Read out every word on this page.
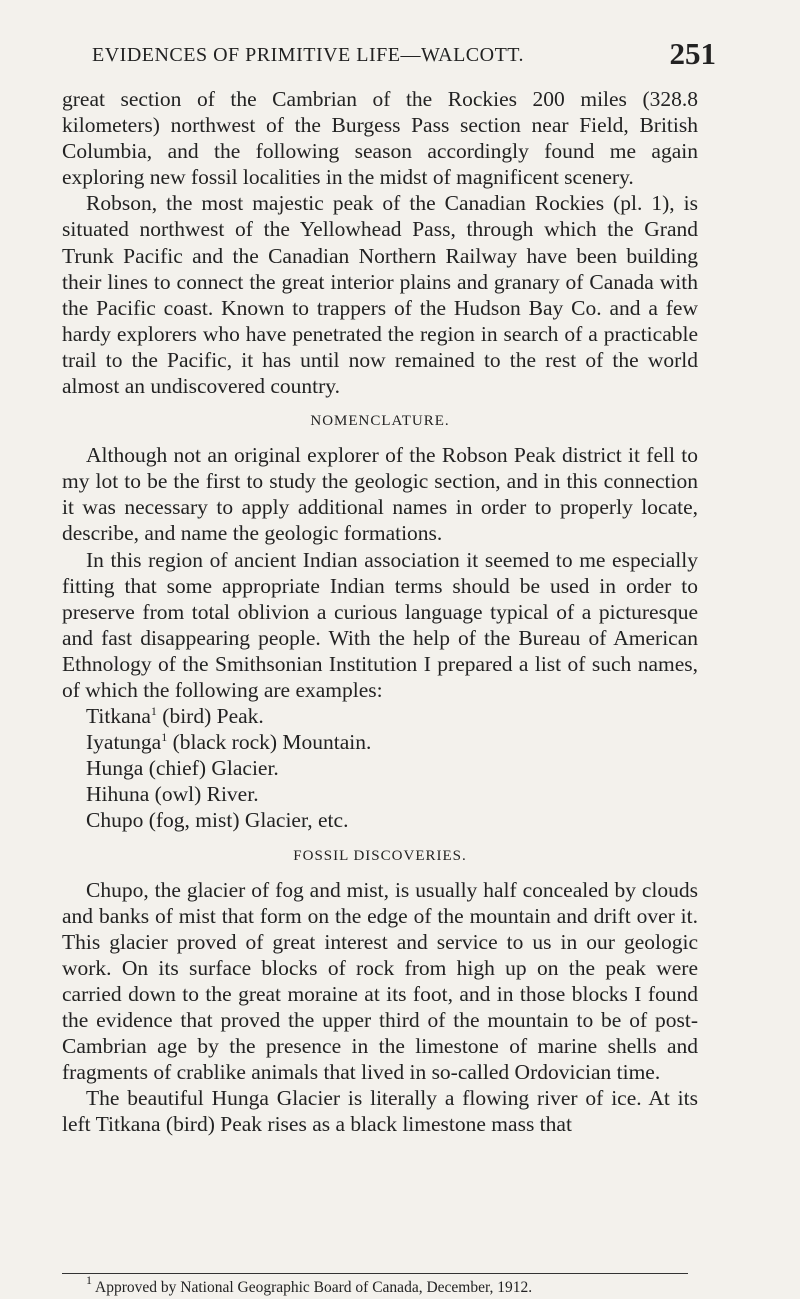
EVIDENCES OF PRIMITIVE LIFE—WALCOTT.	251

great section of the Cambrian of the Rockies 200 miles (328.8 kilometers) northwest of the Burgess Pass section near Field, British Columbia, and the following season accordingly found me again exploring new fossil localities in the midst of magnificent scenery.

Robson, the most majestic peak of the Canadian Rockies (pl. 1), is situated northwest of the Yellowhead Pass, through which the Grand Trunk Pacific and the Canadian Northern Railway have been building their lines to connect the great interior plains and granary of Canada with the Pacific coast. Known to trappers of the Hudson Bay Co. and a few hardy explorers who have penetrated the region in search of a practicable trail to the Pacific, it has until now remained to the rest of the world almost an undiscovered country.

NOMENCLATURE.

Although not an original explorer of the Robson Peak district it fell to my lot to be the first to study the geologic section, and in this connection it was necessary to apply additional names in order to properly locate, describe, and name the geologic formations.

In this region of ancient Indian association it seemed to me especially fitting that some appropriate Indian terms should be used in order to preserve from total oblivion a curious language typical of a picturesque and fast disappearing people. With the help of the Bureau of American Ethnology of the Smithsonian Institution I prepared a list of such names, of which the following are examples:

Titkana$^1$ (bird) Peak.
Iyatunga$^1$ (black rock) Mountain.
Hunga (chief) Glacier.
Hihuna (owl) River.
Chupo (fog, mist) Glacier, etc.
FOSSIL DISCOVERIES.

Chupo, the glacier of fog and mist, is usually half concealed by clouds and banks of mist that form on the edge of the mountain and drift over it. This glacier proved of great interest and service to us in our geologic work. On its surface blocks of rock from high up on the peak were carried down to the great moraine at its foot, and in those blocks I found the evidence that proved the upper third of the mountain to be of post-Cambrian age by the presence in the limestone of marine shells and fragments of crablike animals that lived in so-called Ordovician time.

The beautiful Hunga Glacier is literally a flowing river of ice. At its left Titkana (bird) Peak rises as a black limestone mass that

$^1$ Approved by National Geographic Board of Canada, December, 1912.
